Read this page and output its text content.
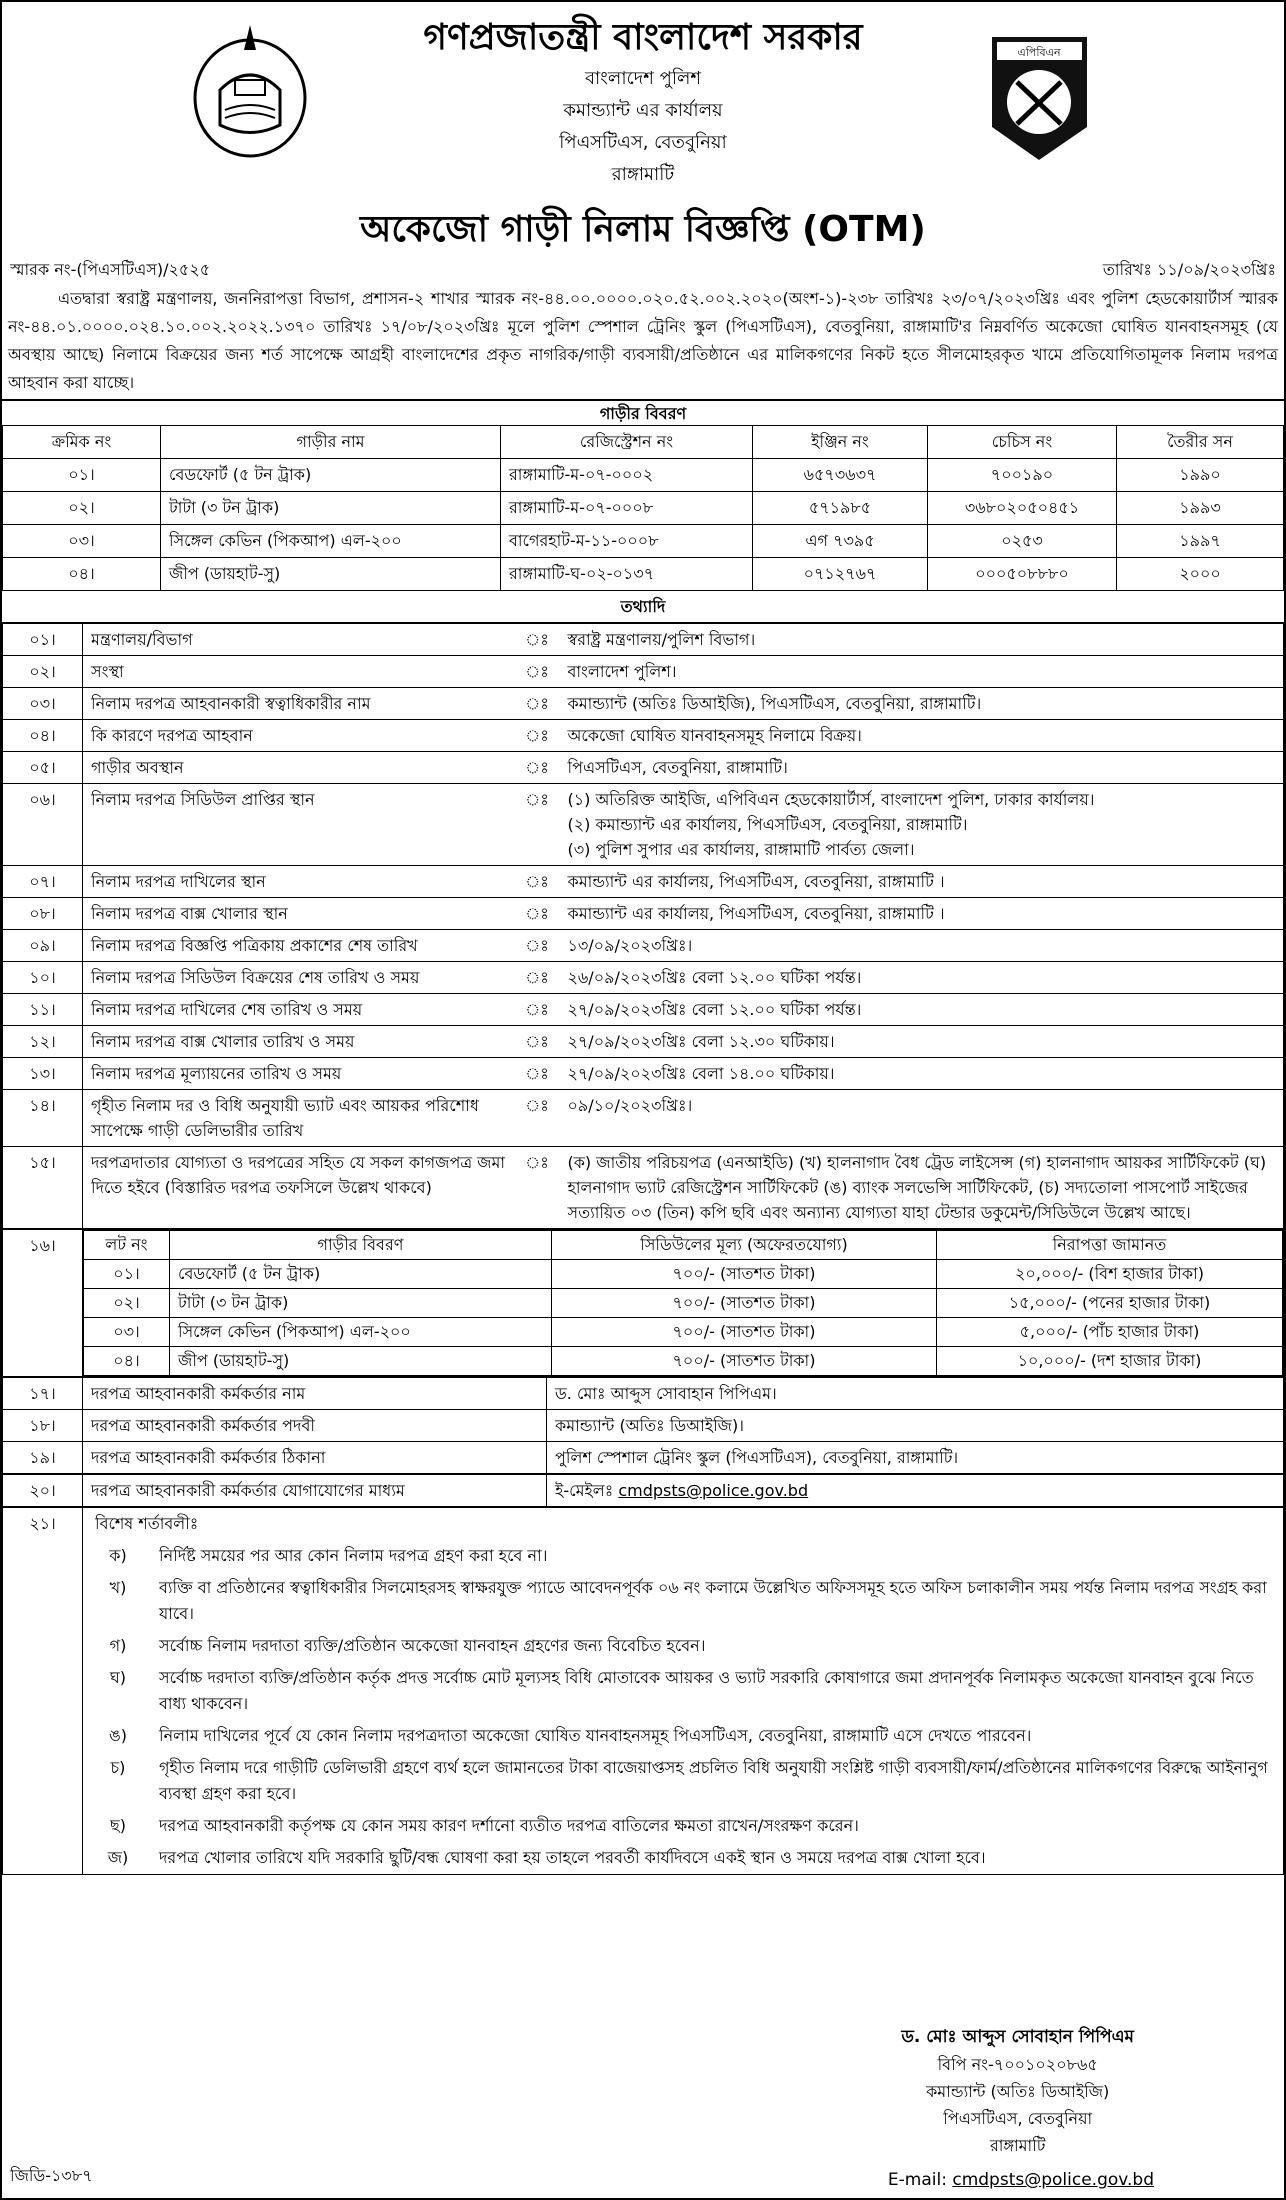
এপিবিএন
গণপ্রজাতন্ত্রী বাংলাদেশ সরকার
বাংলাদেশ পুলিশ
কমান্ড্যান্ট এর কার্যালয়
পিএসটিএস, বেতবুনিয়া
রাঙ্গামাটি
অকেজো গাড়ী নিলাম বিজ্ঞপ্তি (OTM)
স্মারক নং-(পিএসটিএস)/২৫২৫	তারিখঃ ১১/০৯/২০২৩খ্রিঃ

এতদ্বারা স্বরাষ্ট্র মন্ত্রণালয়, জননিরাপত্তা বিভাগ, প্রশাসন-২ শাখার স্মারক নং-৪৪.০০.০০০০.০২০.৫২.০০২.২০২০(অংশ-১)-২৩৮ তারিখঃ ২৩/০৭/২০২৩খ্রিঃ এবং পুলিশ হেডকোয়ার্টার্স স্মারক নং-৪৪.০১.০০০০.০২৪.১০.০০২.২০২২.১৩৭০ তারিখঃ ১৭/০৮/২০২৩খ্রিঃ মূলে পুলিশ স্পেশাল ট্রেনিং স্কুল (পিএসটিএস), বেতবুনিয়া, রাঙ্গামাটি'র নিম্নবর্ণিত অকেজো ঘোষিত যানবাহনসমূহ (যে অবস্থায় আছে) নিলামে বিক্রয়ের জন্য শর্ত সাপেক্ষে আগ্রহী বাংলাদেশের প্রকৃত নাগরিক/গাড়ী ব্যবসায়ী/প্রতিষ্ঠানে এর মালিকগণের নিকট হতে সীলমোহরকৃত খামে প্রতিযোগিতামূলক নিলাম দরপত্র আহবান করা যাচ্ছে।

গাড়ীর বিবরণ
ক্রমিক নং	গাড়ীর নাম	রেজিস্ট্রেশন নং	ইঞ্জিন নং	চেচিস নং	তৈরীর সন
০১।	বেডফোর্ট (৫ টন ট্রাক)	রাঙ্গামাটি-ম-০৭-০০০২	৬৫৭৩৬৩৭	৭০০১৯০	১৯৯০
০২।	টাটা (৩ টন ট্রাক)	রাঙ্গামাটি-ম-০৭-০০০৮	৫৭১৯৮৫	৩৬৮০২০৫০৪৫১	১৯৯৩
০৩।	সিঙ্গেল কেভিন (পিকআপ) এল-২০০	বাগেরহাট-ম-১১-০০০৮	এগ ৭৩৯৫	০২৫৩	১৯৯৭
০৪।	জীপ (ডায়হাট-সু)	রাঙ্গামাটি-ঘ-০২-০১৩৭	০৭১২৭৬৭	০০০৫০৮৮৮০	২০০০
তথ্যাদি
০১।	মন্ত্রণালয়/বিভাগ	ঃ	স্বরাষ্ট্র মন্ত্রণালয়/পুলিশ বিভাগ।

০২।	সংস্থা	ঃ	বাংলাদেশ পুলিশ।

০৩।	নিলাম দরপত্র আহবানকারী স্বত্বাধিকারীর নাম	ঃ	কমান্ড্যান্ট (অতিঃ ডিআইজি), পিএসটিএস, বেতবুনিয়া, রাঙ্গামাটি।

০৪।	কি কারণে দরপত্র আহবান	ঃ	অকেজো ঘোষিত যানবাহনসমূহ নিলামে বিক্রয়।

০৫।	গাড়ীর অবস্থান	ঃ	পিএসটিএস, বেতবুনিয়া, রাঙ্গামাটি।

০৬।	নিলাম দরপত্র সিডিউল প্রাপ্তির স্থান	ঃ	(১) অতিরিক্ত আইজি, এপিবিএন হেডকোয়ার্টার্স, বাংলাদেশ পুলিশ, ঢাকার কার্যালয়।
(২) কমান্ড্যান্ট এর কার্যালয়, পিএসটিএস, বেতবুনিয়া, রাঙ্গামাটি।
(৩) পুলিশ সুপার এর কার্যালয়, রাঙ্গামাটি পার্বত্য জেলা।

০৭।	নিলাম দরপত্র দাখিলের স্থান	ঃ	কমান্ড্যান্ট এর কার্যালয়, পিএসটিএস, বেতবুনিয়া, রাঙ্গামাটি ।

০৮।	নিলাম দরপত্র বাক্স খোলার স্থান	ঃ	কমান্ড্যান্ট এর কার্যালয়, পিএসটিএস, বেতবুনিয়া, রাঙ্গামাটি ।

০৯।	নিলাম দরপত্র বিজ্ঞপ্তি পত্রিকায় প্রকাশের শেষ তারিখ	ঃ	১৩/০৯/২০২৩খ্রিঃ।

১০।	নিলাম দরপত্র সিডিউল বিক্রয়ের শেষ তারিখ ও সময়	ঃ	২৬/০৯/২০২৩খ্রিঃ বেলা ১২.০০ ঘটিকা পর্যন্ত।

১১।	নিলাম দরপত্র দাখিলের শেষ তারিখ ও সময়	ঃ	২৭/০৯/২০২৩খ্রিঃ বেলা ১২.০০ ঘটিকা পর্যন্ত।

১২।	নিলাম দরপত্র বাক্স খোলার তারিখ ও সময়	ঃ	২৭/০৯/২০২৩খ্রিঃ বেলা ১২.৩০ ঘটিকায়।

১৩।	নিলাম দরপত্র মূল্যায়নের তারিখ ও সময়	ঃ	২৭/০৯/২০২৩খ্রিঃ বেলা ১৪.০০ ঘটিকায়।

১৪।	গৃহীত নিলাম দর ও বিধি অনুযায়ী ভ্যাট এবং আয়কর পরিশোধ সাপেক্ষে গাড়ী ডেলিভারীর তারিখ	ঃ	০৯/১০/২০২৩খ্রিঃ।

১৫।	দরপত্রদাতার যোগ্যতা ও দরপত্রের সহিত যে সকল কাগজপত্র জমা দিতে হইবে (বিস্তারিত দরপত্র তফসিলে উল্লেখ থাকবে)	ঃ	(ক) জাতীয় পরিচয়পত্র (এনআইডি) (খ) হালনাগাদ বৈধ ট্রেড লাইসেন্স (গ) হালনাগাদ আয়কর সার্টিফিকেট (ঘ) হালনাগাদ ভ্যাট রেজিস্ট্রেশন সার্টিফিকেট (ঙ) ব্যাংক সলভেন্সি সার্টিফিকেট, (চ) সদ্যতোলা পাসপোর্ট সাইজের সত্যায়িত ০৩ (তিন) কপি ছবি এবং অন্যান্য যোগ্যতা যাহা টেন্ডার ডকুমেন্ট/সিডিউলে উল্লেখ আছে।
১৬।		লট নং	গাড়ীর বিবরণ	সিডিউলের মূল্য (অফেরতযোগ্য)	নিরাপত্তা জামানত
০১।	বেডফোর্ট (৫ টন ট্রাক)	৭০০/- (সাতশত টাকা)	২০,০০০/- (বিশ হাজার টাকা)
০২।	টাটা (৩ টন ট্রাক)	৭০০/- (সাতশত টাকা)	১৫,০০০/- (পনের হাজার টাকা)
০৩।	সিঙ্গেল কেভিন (পিকআপ) এল-২০০	৭০০/- (সাতশত টাকা)	৫,০০০/- (পাঁচ হাজার টাকা)
০৪।	জীপ (ডায়হাট-সু)	৭০০/- (সাতশত টাকা)	১০,০০০/- (দশ হাজার টাকা)
১৭।	দরপত্র আহবানকারী কর্মকর্তার নাম	ড. মোঃ আব্দুস সোবাহান পিপিএম।
১৮।	দরপত্র আহবানকারী কর্মকর্তার পদবী	কমান্ড্যান্ট (অতিঃ ডিআইজি)।
১৯।	দরপত্র আহবানকারী কর্মকর্তার ঠিকানা	পুলিশ স্পেশাল ট্রেনিং স্কুল (পিএসটিএস), বেতবুনিয়া, রাঙ্গামাটি।
২০।	দরপত্র আহবানকারী কর্মকর্তার যোগাযোগের মাধ্যম	ই-মেইলঃ cmdpsts@police.gov.bd
২১।	বিশেষ শর্তাবলীঃ
ক)	নির্দিষ্ট সময়ের পর আর কোন নিলাম দরপত্র গ্রহণ করা হবে না।
খ)	ব্যক্তি বা প্রতিষ্ঠানের স্বত্বাধিকারীর সিলমোহরসহ স্বাক্ষরযুক্ত প্যাডে আবেদনপূর্বক ০৬ নং কলামে উল্লেখিত অফিসসমূহ হতে অফিস চলাকালীন সময় পর্যন্ত নিলাম দরপত্র সংগ্রহ করা যাবে।
গ)	সর্বোচ্চ নিলাম দরদাতা ব্যক্তি/প্রতিষ্ঠান অকেজো যানবাহন গ্রহণের জন্য বিবেচিত হবেন।
ঘ)	সর্বোচ্চ দরদাতা ব্যক্তি/প্রতিষ্ঠান কর্তৃক প্রদত্ত সর্বোচ্চ মোট মূল্যসহ বিধি মোতাবেক আয়কর ও ভ্যাট সরকারি কোষাগারে জমা প্রদানপূর্বক নিলামকৃত অকেজো যানবাহন বুঝে নিতে বাধ্য থাকবেন।
ঙ)	নিলাম দাখিলের পূর্বে যে কোন নিলাম দরপত্রদাতা অকেজো ঘোষিত যানবাহনসমূহ পিএসটিএস, বেতবুনিয়া, রাঙ্গামাটি এসে দেখতে পারবেন।
চ)	গৃহীত নিলাম দরে গাড়ীটি ডেলিভারী গ্রহণে ব্যর্থ হলে জামানতের টাকা বাজেয়াপ্তসহ প্রচলিত বিধি অনুযায়ী সংশ্লিষ্ট গাড়ী ব্যবসায়ী/ফার্ম/প্রতিষ্ঠানের মালিকগণের বিরুদ্ধে আইনানুগ ব্যবস্থা গ্রহণ করা হবে।
ছ)	দরপত্র আহবানকারী কর্তৃপক্ষ যে কোন সময় কারণ দর্শানো ব্যতীত দরপত্র বাতিলের ক্ষমতা রাখেন/সংরক্ষণ করেন।
জ)	দরপত্র খোলার তারিখে যদি সরকারি ছুটি/বন্ধ ঘোষণা করা হয় তাহলে পরবর্তী কার্যদিবসে একই স্থান ও সময়ে দরপত্র বাক্স খোলা হবে।
ড. মোঃ আব্দুস সোবাহান পিপিএম
বিপি নং-৭০০১০২০৮৬৫
কমান্ড্যান্ট (অতিঃ ডিআইজি)
পিএসটিএস, বেতবুনিয়া
রাঙ্গামাটি
জিডি-১৩৮৭	E-mail: cmdpsts@police.gov.bd
